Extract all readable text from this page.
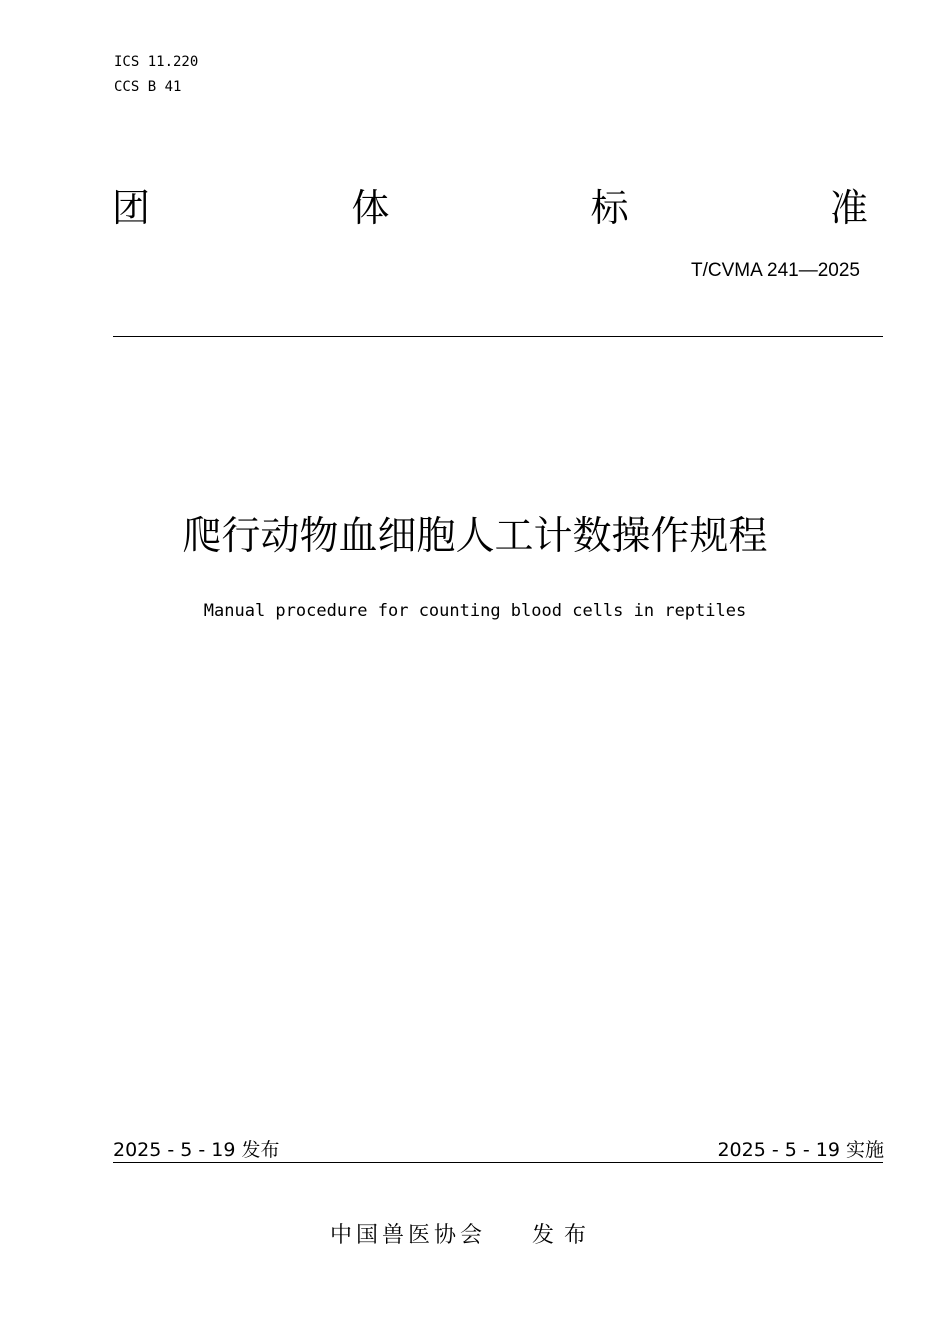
ICS 11.220
CCS B 41
团	体	标	准
T/CVMA 241—2025
爬行动物血细胞人工计数操作规程
Manual procedure for counting blood cells in reptiles
2025 - 5 - 19 发布	2025 - 5 - 19 实施
中国兽医协会 发布
